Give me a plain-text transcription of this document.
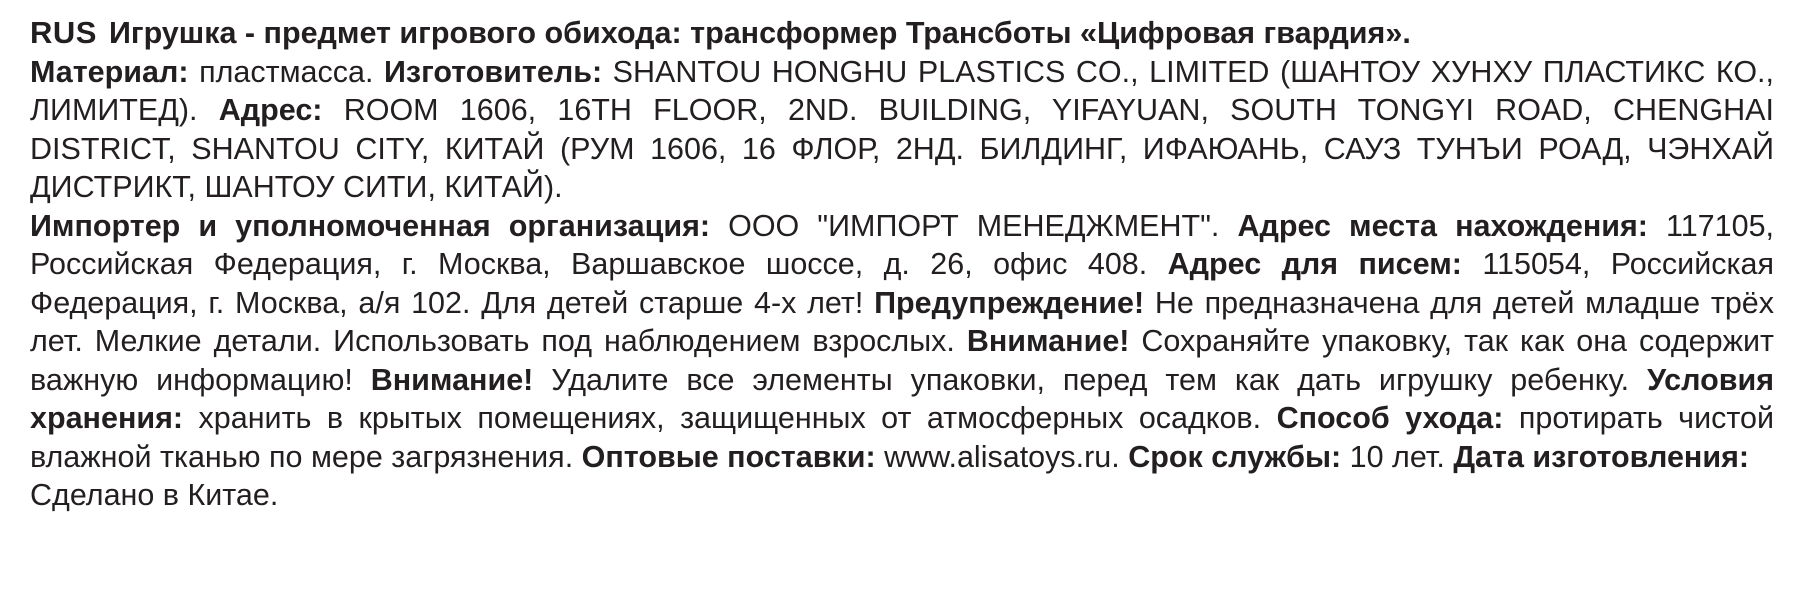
RUS Игрушка - предмет игрового обихода: трансформер Трансботы «Цифровая гвардия».

Материал: пластмасса. Изготовитель: SHANTOU HONGHU PLASTICS CO., LIMITED (ШАНТОУ ХУНХУ ПЛАСТИКС КО., ЛИМИТЕД). Адрес: ROOM 1606, 16TH FLOOR, 2ND. BUILDING, YIFAYUAN, SOUTH TONGYI ROAD, CHENGHAI DISTRICT, SHANTOU CITY, КИТАЙ (РУМ 1606, 16 ФЛОР, 2НД. БИЛДИНГ, ИФАЮАНЬ, САУЗ ТУНЪИ РОАД, ЧЭНХАЙ ДИСТРИКТ, ШАНТОУ СИТИ, КИТАЙ).

Импортер и уполномоченная организация: ООО "ИМПОРТ МЕНЕДЖМЕНТ". Адрес места нахождения: 117105, Российская Федерация, г. Москва, Варшавское шоссе, д. 26, офис 408. Адрес для писем: 115054, Российская Федерация, г. Москва, а/я 102. Для детей старше 4-х лет! Предупреждение! Не предназначена для детей младше трёх лет. Мелкие детали. Использовать под наблюдением взрослых. Внимание! Сохраняйте упаковку, так как она содержит важную информацию! Внимание! Удалите все элементы упаковки, перед тем как дать игрушку ребенку. Условия хранения: хранить в крытых помещениях, защищенных от атмосферных осадков. Способ ухода: протирать чистой влажной тканью по мере загрязнения. Оптовые поставки: www.alisatoys.ru. Срок службы: 10 лет. Дата изготовления:

Сделано в Китае.
